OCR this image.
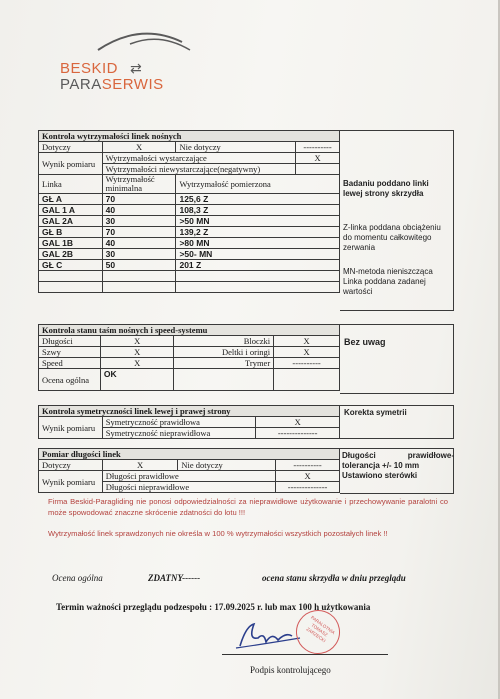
BESKID
PARASERWIS
⇄
Kontrola wytrzymałości linek nośnych			
Dotyczy	X	Nie dotyczy	----------
Wynik pomiaru	Wytrzymałości wystarczające		X
	Wytrzymałości niewystarczające(negatywny)		
Linka	Wytrzymałość minimalna	Wytrzymałość pomierzona	
GŁ A	70	125,6 Z	
GAL 1 A	40	108,3 Z	
GAL 2A	30	>50 MN	
GŁ B	70	139,2 Z	
GAL 1B	40	>80 MN	
GAL 2B	30	>50- MN	
GŁ C	50	201 Z	

Badaniu poddano linki lewej strony skrzydła
Z-linka poddana obciążeniu do momentu całkowitego zerwania
MN-metoda nieniszcząca Linka poddana zadanej wartości
Kontrola stanu taśm nośnych i speed-systemu			
Długości	X	Bloczki	X
Szwy	X	Deltki i oringi	X
Speed	X	Trymer	----------
Ocena ogólna	OK		
Bez uwag
Kontrola symetryczności linek lewej i prawej strony		
Wynik pomiaru	Symetryczność prawidłowa	X
	Symetryczność nieprawidłowa	--------------
Korekta symetrii
Pomiar długości linek			
Dotyczy	X	Nie dotyczy	----------
Wynik pomiaru	Długości prawidłowe		X
	Długości nieprawidłowe		--------------
Długości	prawidłowe-
tolerancja +/- 10 mm
Ustawiono sterówki
Firma Beskid-Paragliding nie ponosi odpowiedzialności za nieprawidłowe użytkowanie i przechowywanie paralotni co może spowodować znaczne skrócenie zdatności do lotu !!!
Wytrzymałość linek sprawdzonych nie określa w 100 % wytrzymałości wszystkich pozostałych linek !!
Ocena ogólna	ZDATNY------	ocena stanu skrzydła w dniu przeglądu
Termin ważności przeglądu podzespołu : 17.09.2025 r. lub max 100 h użytkowania
PARALOTNIA TOMASZ ZARZECKI
Podpis kontrolującego
